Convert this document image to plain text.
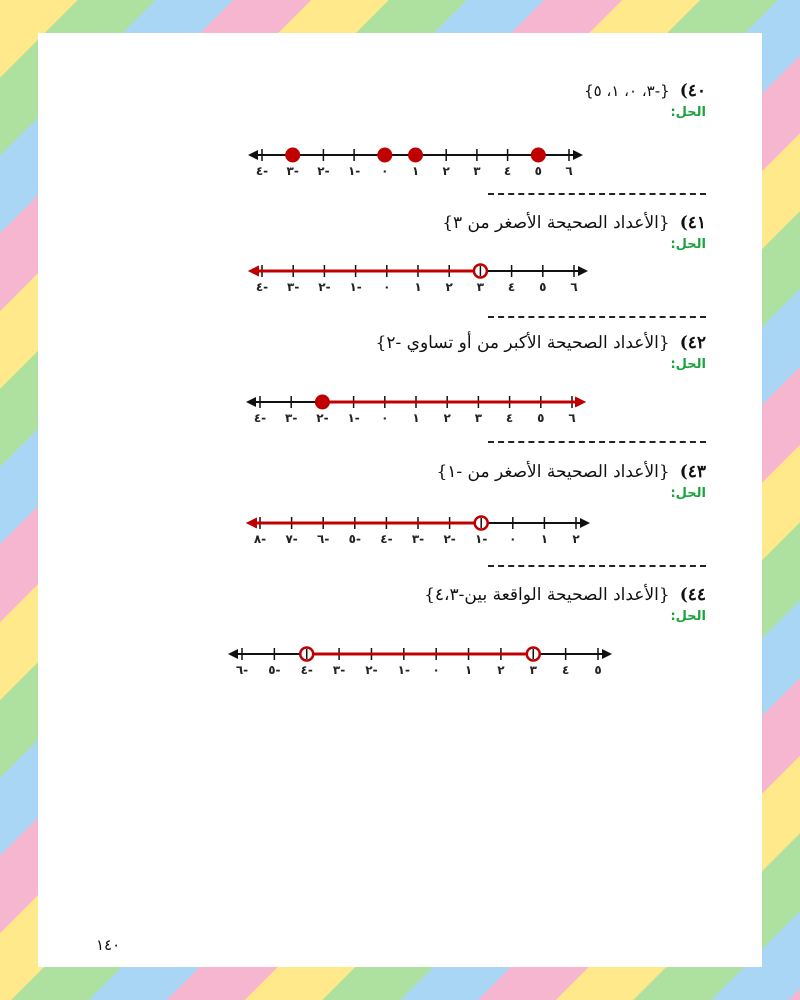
٤٠)
{-٣، ٠، ١، ٥}
الحل:
٤- ٣- ٢- ١- ٠ ١ ٢ ٣ ٤ ٥ ٦
٤١)
{الأعداد الصحيحة الأصغر من ٣}
الحل:
٤- ٣- ٢- ١- ٠ ١ ٢ ٣ ٤ ٥ ٦
٤٢)
{الأعداد الصحيحة الأكبر من أو تساوي -٢}
الحل:
٤- ٣- ٢- ١- ٠ ١ ٢ ٣ ٤ ٥ ٦
٤٣)
{الأعداد الصحيحة الأصغر من -١}
الحل:
٨- ٧- ٦- ٥- ٤- ٣- ٢- ١- ٠ ١ ٢
٤٤)
{الأعداد الصحيحة الواقعة بين-٤،٣}
الحل:
٦- ٥- ٤- ٣- ٢- ١- ٠ ١ ٢ ٣ ٤ ٥
١٤٠
